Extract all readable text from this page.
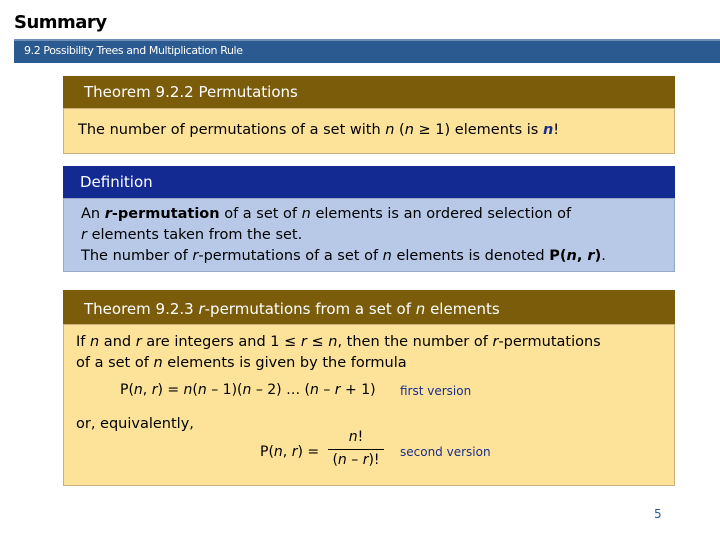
Summary
9.2 Possibility Trees and Multiplication Rule
Theorem 9.2.2 Permutations
The number of permutations of a set with n (n ≥ 1) elements is n!
Definition
An r-permutation of a set of n elements is an ordered selection of
r elements taken from the set.
The number of r-permutations of a set of n elements is denoted P(n, r).
Theorem 9.2.3 r-permutations from a set of n elements
If n and r are integers and 1 ≤ r ≤ n, then the number of r-permutations
of a set of n elements is given by the formula
P(n, r) = n(n – 1)(n – 2) … (n – r + 1) first version
or, equivalently,
P(n, r) =
n!
(n – r)!	second version
5
